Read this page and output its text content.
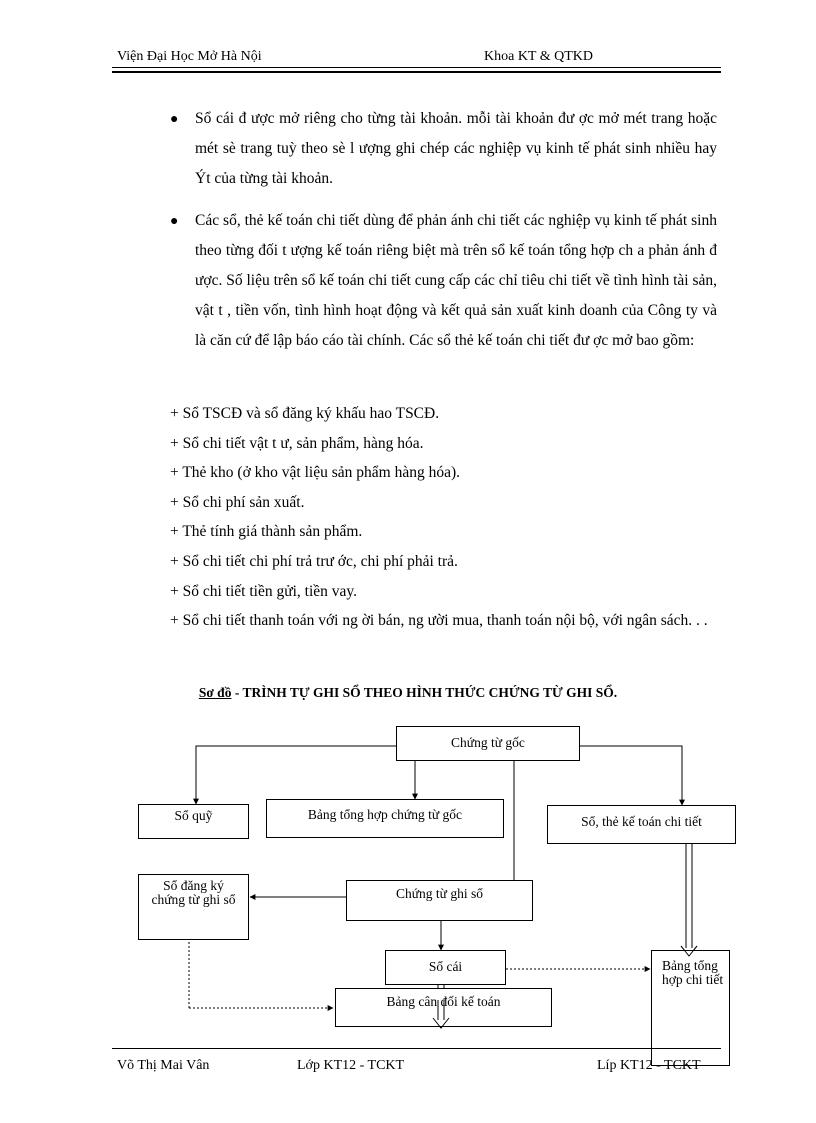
Viện Đại Học Mở Hà Nội	Khoa KT & QTKD
● Sổ cái đ ược mở riêng cho từng tài khoản. mỗi tài khoản đư ợc mở mét trang hoặc mét sè trang tuỳ theo sè l ượng ghi chép các nghiệp vụ kinh tế phát sinh nhiều hay Ýt của từng tài khoản.
● Các sổ, thẻ kế toán chi tiết dùng để phản ánh chi tiết các nghiệp vụ kinh tế phát sinh theo từng đối t ượng kế toán riêng biệt mà trên sổ kế toán tổng hợp ch a phản ánh đ ược. Số liệu trên sổ kế toán chi tiết cung cấp các chỉ tiêu chi tiết về tình hình tài sản, vật t , tiền vốn, tình hình hoạt động và kết quả sản xuất kinh doanh của Công ty và là căn cứ để lập báo cáo tài chính. Các sổ thẻ kế toán chi tiết đư ợc mở bao gồm:
+ Sổ TSCĐ và sổ đăng ký khấu hao TSCĐ.
+ Sổ chi tiết vật t ư, sản phẩm, hàng hóa.
+ Thẻ kho (ở kho vật liệu sản phẩm hàng hóa).
+ Sổ chi phí sản xuất.
+ Thẻ tính giá thành sản phẩm.
+ Sổ chi tiết chi phí trả trư ớc, chi phí phải trả.
+ Sổ chi tiết tiền gửi, tiền vay.
+ Sổ chi tiết thanh toán với ng ời bán, ng ười mua, thanh toán nội bộ, với ngân sách. . .
Sơ đồ - TRÌNH TỰ GHI SỔ THEO HÌNH THỨC CHỨNG TỪ GHI SỔ.
Chứng từ gốc
Sổ quỹ	Bảng tổng hợp chứng từ gốc	Sổ, thẻ kế toán chi tiết
Sổ đăng ký chứng từ ghi sổ	Chứng từ ghi sổ
Sổ cái
Bảng cân đối kế toán
Bảng tổng hợp chi tiết
Võ Thị Mai Vân	Lớp KT12 - TCKT	Líp KT12 - TCKT
